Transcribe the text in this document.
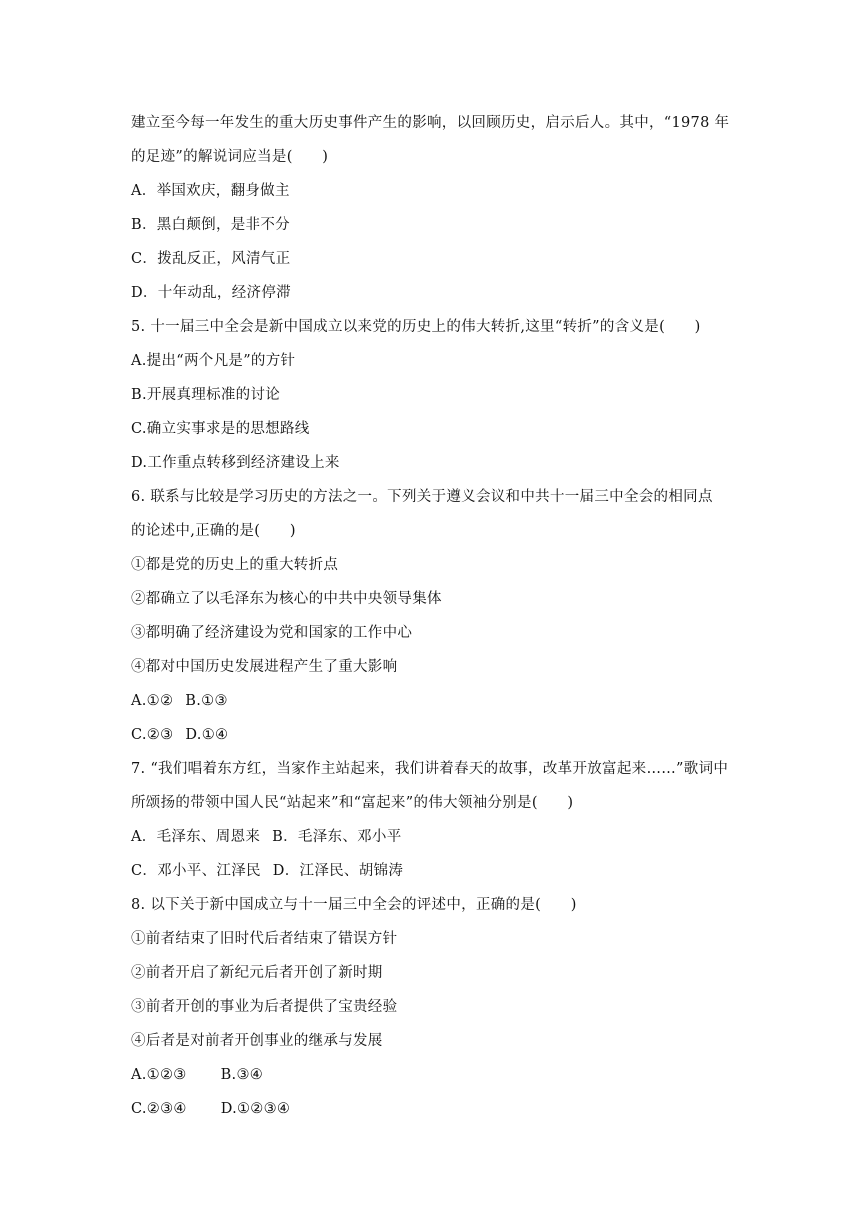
建立至今每一年发生的重大历史事件产生的影响，以回顾历史，启示后人。其中，“1978 年
的足迹”的解说词应当是(　　)
A．举国欢庆，翻身做主
B．黑白颠倒，是非不分
C．拨乱反正，风清气正
D．十年动乱，经济停滞
5. 十一届三中全会是新中国成立以来党的历史上的伟大转折,这里“转折”的含义是(　　)
A.提出“两个凡是”的方针
B.开展真理标准的讨论
C.确立实事求是的思想路线
D.工作重点转移到经济建设上来
6. 联系与比较是学习历史的方法之一。下列关于遵义会议和中共十一届三中全会的相同点
的论述中,正确的是(　　)
①都是党的历史上的重大转折点
②都确立了以毛泽东为核心的中共中央领导集体
③都明确了经济建设为党和国家的工作中心
④都对中国历史发展进程产生了重大影响
A.①② B.①③
C.②③ D.①④
7. “我们唱着东方红，当家作主站起来，我们讲着春天的故事，改革开放富起来……”歌词中
所颂扬的带领中国人民“站起来”和“富起来”的伟大领袖分别是(　　)
A．毛泽东、周恩来 B．毛泽东、邓小平
C．邓小平、江泽民 D．江泽民、胡锦涛
8. 以下关于新中国成立与十一届三中全会的评述中，正确的是(　　)
①前者结束了旧时代后者结束了错误方针
②前者开启了新纪元后者开创了新时期
③前者开创的事业为后者提供了宝贵经验
④后者是对前者开创事业的继承与发展
A.①②③ B.③④
C.②③④ D.①②③④
